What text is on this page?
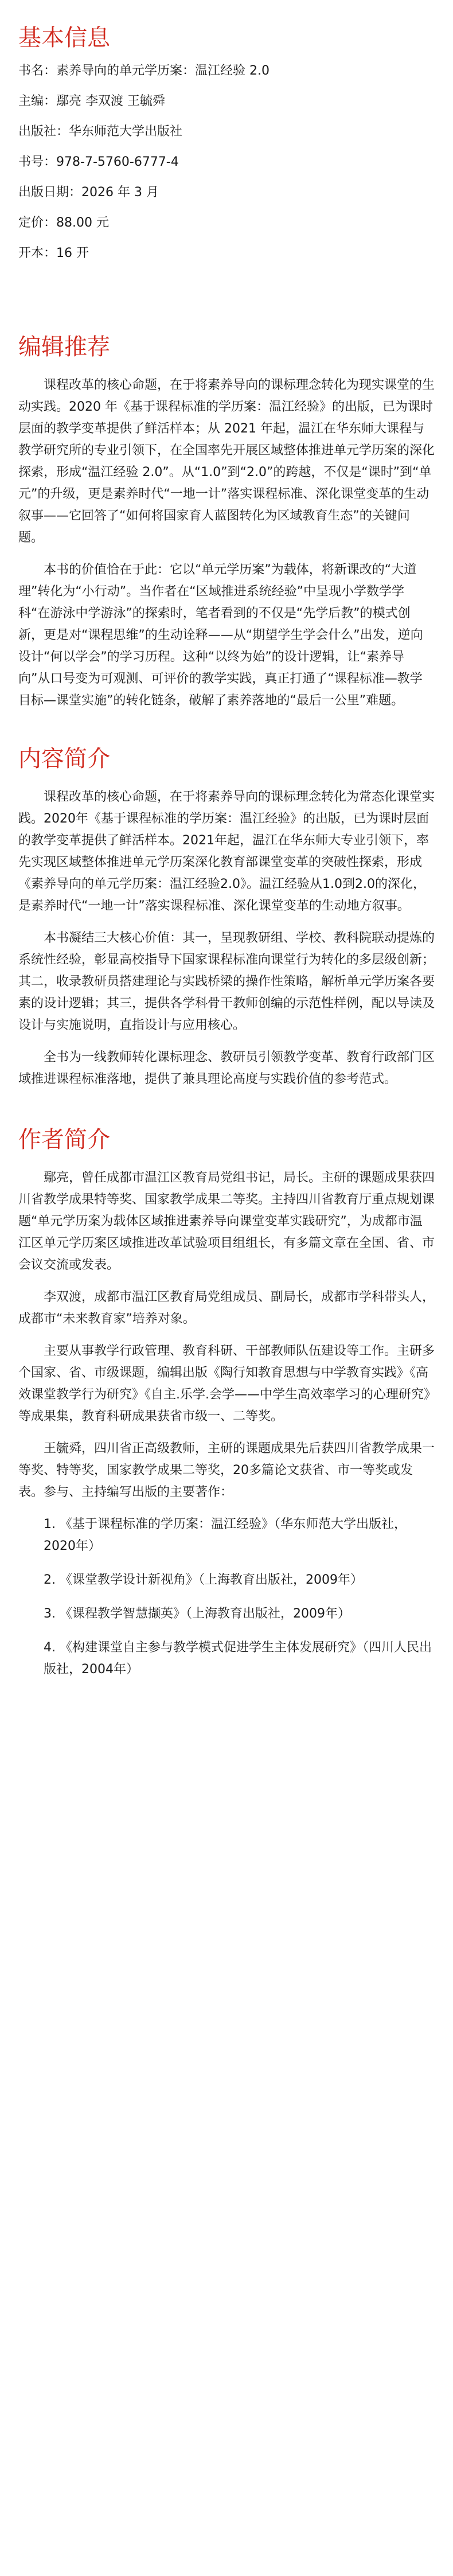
基本信息
书名 ： 素养导向的单元学历案：温江经验 2.0
主编 ： 鄢亮 李双渡 王毓舜
出版社 ： 华东师范大学出版社
书号 ： 978-7-5760-6777-4
出版日期 ： 2026 年 3 月
定价 ： 88.00 元
开本 ： 16 开
编辑推荐

课程改革的核心命题，在于将素养导向的课标理念转化为现实课堂的生动实践。2020 年《基于课程标准的学历案：温江经验》的出版，已为课时层面的教学变革提供了鲜活样本；从 2021 年起，温江在华东师大课程与教学研究所的专业引领下，在全国率先开展区域整体推进单元学历案的深化探索，形成“温江经验 2.0”。从“1.0”到“2.0”的跨越，不仅是“课时”到“单元”的升级，更是素养时代“一地一计”落实课程标准、深化课堂变革的生动叙事——它回答了“如何将国家育人蓝图转化为区域教育生态”的关键问题。

本书的价值恰在于此：它以“单元学历案”为载体，将新课改的“大道理”转化为“小行动”。当作者在“区域推进系统经验”中呈现小学数学学科“在游泳中学游泳”的探索时，笔者看到的不仅是“先学后教”的模式创新，更是对“课程思维”的生动诠释——从“期望学生学会什么”出发，逆向设计“何以学会”的学习历程。这种“以终为始”的设计逻辑，让“素养导向”从口号变为可观测、可评价的教学实践，真正打通了“课程标准—教学目标—课堂实施”的转化链条，破解了素养落地的“最后一公里”难题。

内容简介

课程改革的核心命题，在于将素养导向的课标理念转化为常态化课堂实践。2020年《基于课程标准的学历案：温江经验》的出版，已为课时层面的教学变革提供了鲜活样本。2021年起，温江在华东师大专业引领下，率先实现区域整体推进单元学历案深化教育部课堂变革的突破性探索，形成《素养导向的单元学历案：温江经验2.0》。温江经验从1.0到2.0的深化，是素养时代“一地一计”落实课程标准、深化课堂变革的生动地方叙事。

本书凝结三大核心价值：其一，呈现教研组、学校、教科院联动提炼的系统性经验，彰显高校指导下国家课程标准向课堂行为转化的多层级创新；其二，收录教研员搭建理论与实践桥梁的操作性策略，解析单元学历案各要素的设计逻辑；其三，提供各学科骨干教师创编的示范性样例，配以导读及设计与实施说明，直指设计与应用核心。

全书为一线教师转化课标理念、教研员引领教学变革、教育行政部门区域推进课程标准落地，提供了兼具理论高度与实践价值的参考范式。

作者简介

鄢亮，曾任成都市温江区教育局党组书记，局长。主研的课题成果获四川省教学成果特等奖、国家教学成果二等奖。主持四川省教育厅重点规划课题“单元学历案为载体区域推进素养导向课堂变革实践研究”，为成都市温江区单元学历案区域推进改革试验项目组组长，有多篇文章在全国、省、市会议交流或发表。

李双渡，成都市温江区教育局党组成员、副局长，成都市学科带头人，成都市“未来教育家”培养对象。

主要从事教学行政管理、教育科研、干部教师队伍建设等工作。主研多个国家、省、市级课题，编辑出版《陶行知教育思想与中学教育实践》《高效课堂教学行为研究》《自主.乐学.会学——中学生高效率学习的心理研究》等成果集，教育科研成果获省市级一、二等奖。

王毓舜，四川省正高级教师，主研的课题成果先后获四川省教学成果一等奖、特等奖，国家教学成果二等奖，20多篇论文获省、市一等奖或发表。参与、主持编写出版的主要著作：

1 . 《基于课程标准的学历案：温江经验》（华东师范大学出版社，2020年）
2 . 《课堂教学设计新视角》（上海教育出版社，2009年）
3 . 《课程教学智慧撷英》（上海教育出版社，2009年）
4 . 《构建课堂自主参与教学模式促进学生主体发展研究》（四川人民出版社，2004年）
